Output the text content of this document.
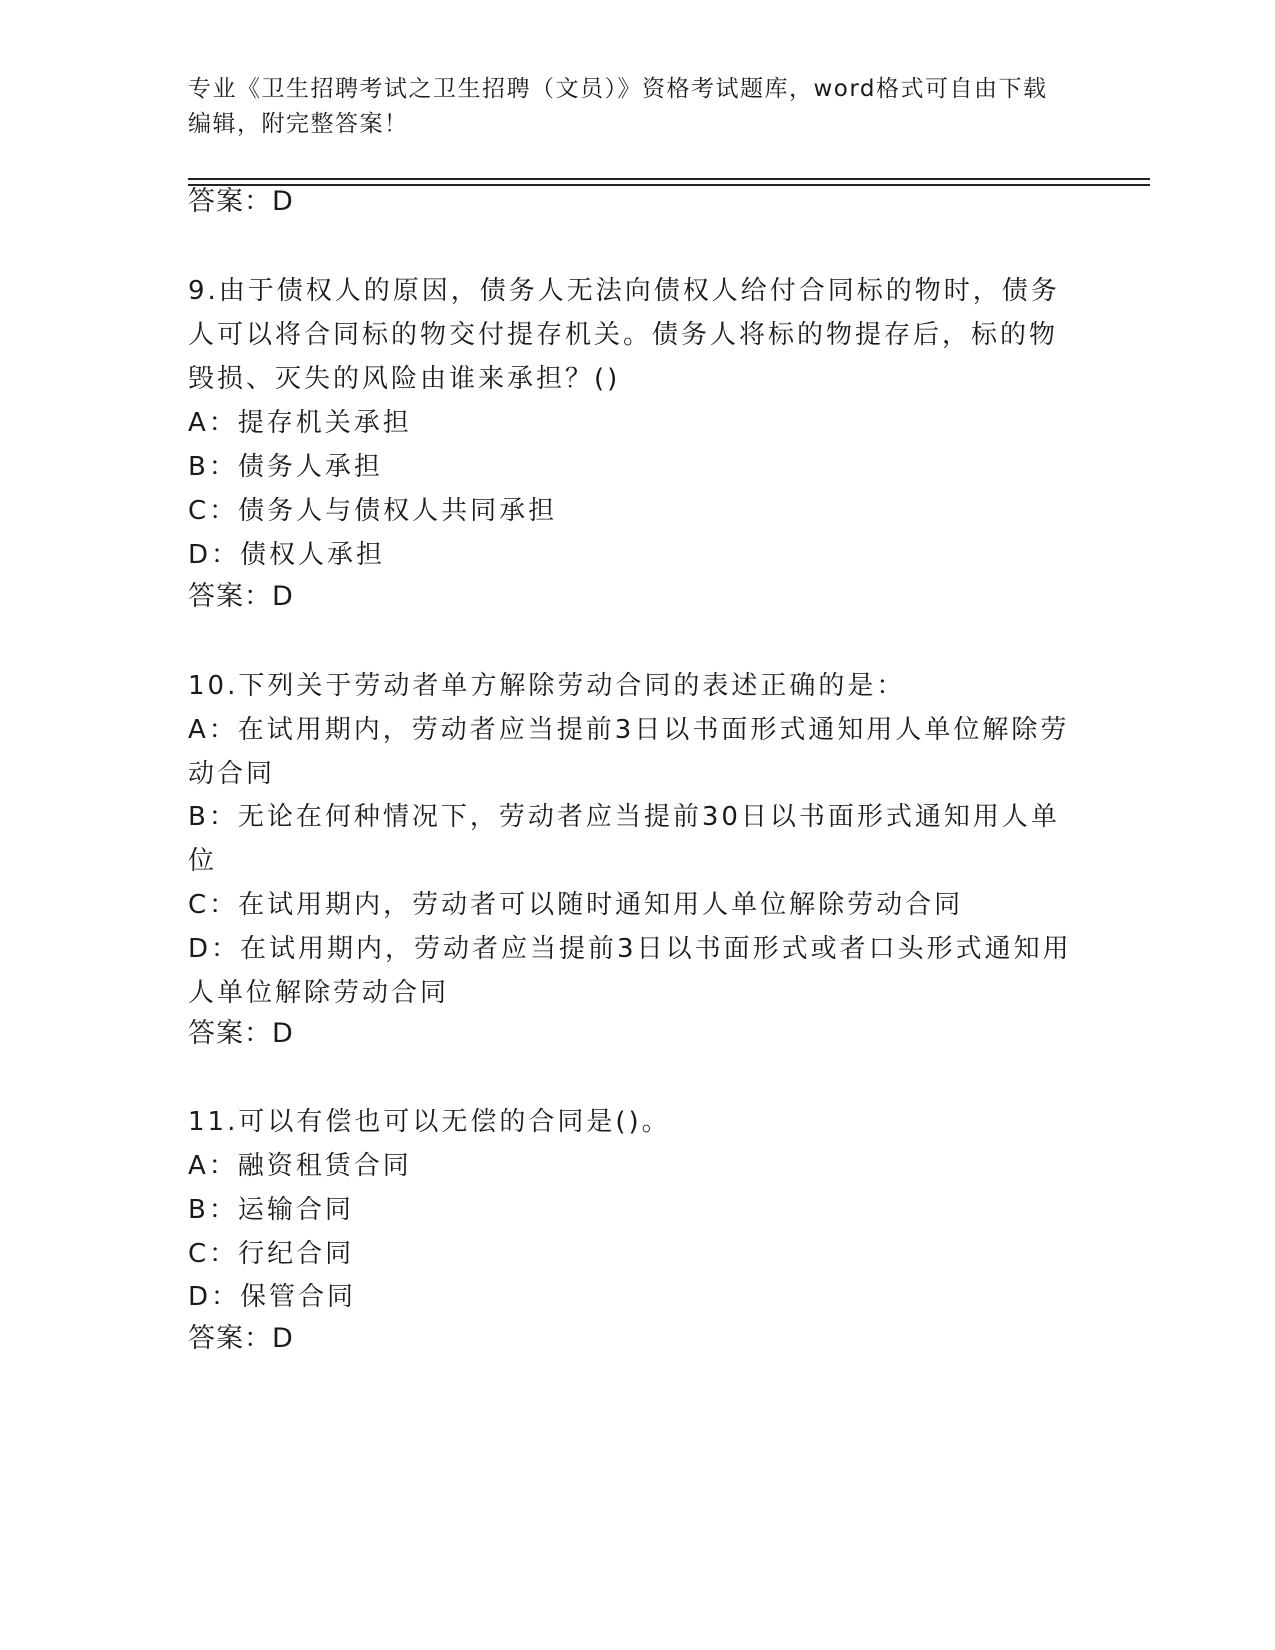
专业《卫生招聘考试之卫生招聘（文员）》资格考试题库，word格式可自由下载
编辑，附完整答案！
答案：D
9.由于债权人的原因，债务人无法向债权人给付合同标的物时，债务
人可以将合同标的物交付提存机关。债务人将标的物提存后，标的物
毁损、灭失的风险由谁来承担？()
A：提存机关承担
B：债务人承担
C：债务人与债权人共同承担
D：债权人承担
答案：D
10.下列关于劳动者单方解除劳动合同的表述正确的是：
A：在试用期内，劳动者应当提前3日以书面形式通知用人单位解除劳
动合同
B：无论在何种情况下，劳动者应当提前30日以书面形式通知用人单
位
C：在试用期内，劳动者可以随时通知用人单位解除劳动合同
D：在试用期内，劳动者应当提前3日以书面形式或者口头形式通知用
人单位解除劳动合同
答案：D
11.可以有偿也可以无偿的合同是()。
A：融资租赁合同
B：运输合同
C：行纪合同
D：保管合同
答案：D
